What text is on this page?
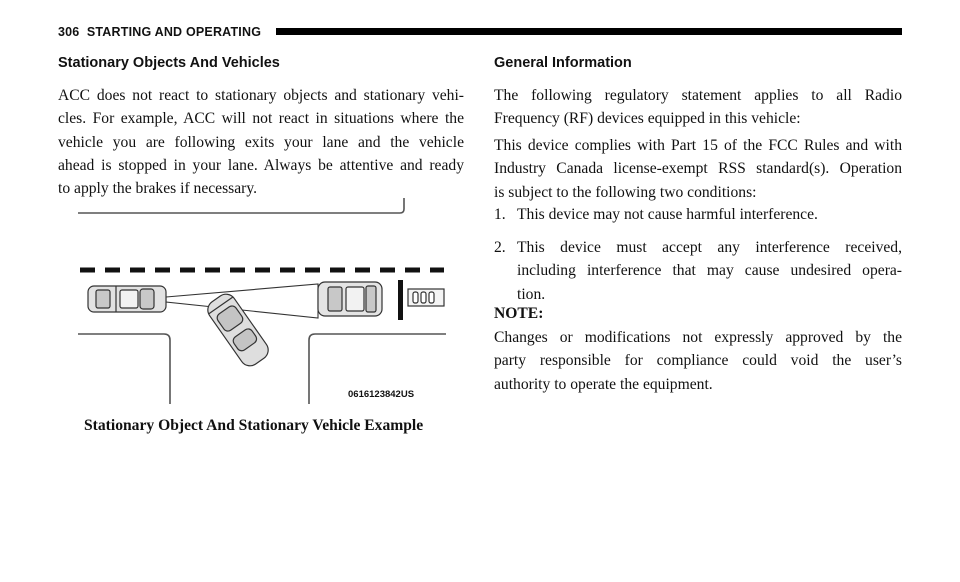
306 STARTING AND OPERATING
Stationary Objects And Vehicles
ACC does not react to stationary objects and stationary vehi-
cles. For example, ACC will not react in situations where the
vehicle you are following exits your lane and the vehicle
ahead is stopped in your lane. Always be attentive and ready
to apply the brakes if necessary.
0616123842US
Stationary Object And Stationary Vehicle Example
General Information
The following regulatory statement applies to all Radio
Frequency (RF) devices equipped in this vehicle:
This device complies with Part 15 of the FCC Rules and with
Industry Canada license-exempt RSS standard(s). Operation
is subject to the following two conditions:
1. This device may not cause harmful interference.
2. This device must accept any interference received,
including interference that may cause undesired opera-
tion.
NOTE:
Changes or modifications not expressly approved by the
party responsible for compliance could void the user’s
authority to operate the equipment.
